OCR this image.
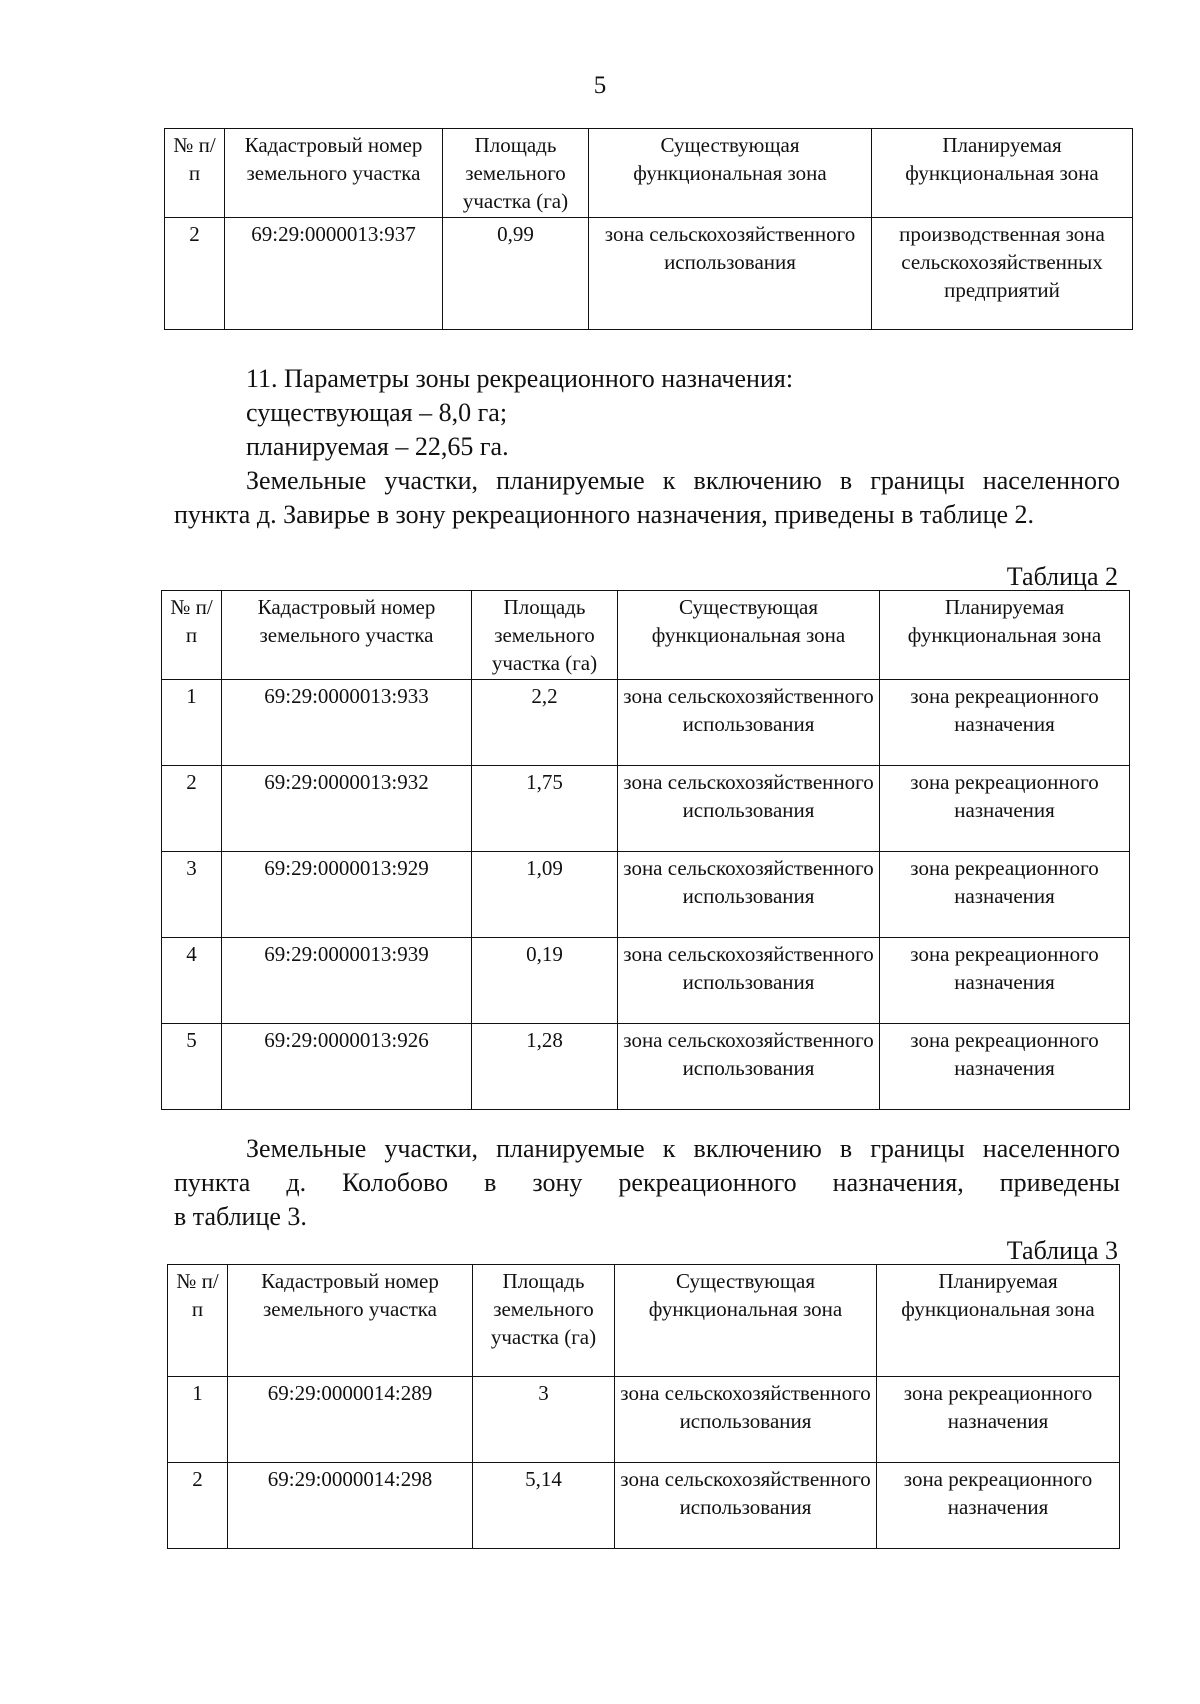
5
№ п/п	Кадастровый номер земельного участка	Площадь земельного участка (га)	Существующая функциональная зона	Планируемая функциональная зона
2	69:29:0000013:937	0,99	зона сельскохозяйственного использования	производственная зона сельскохозяйственных предприятий
11. Параметры зоны рекреационного назначения:
существующая – 8,0 га;
планируемая – 22,65 га.
Земельные участки, планируемые к включению в границы населенного
пункта д. Завирье в зону рекреационного назначения, приведены в таблице 2.
Таблица 2
№ п/п	Кадастровый номер земельного участка	Площадь земельного участка (га)	Существующая функциональная зона	Планируемая функциональная зона
1	69:29:0000013:933	2,2	зона сельскохозяйственного использования	зона рекреационного назначения
2	69:29:0000013:932	1,75	зона сельскохозяйственного использования	зона рекреационного назначения
3	69:29:0000013:929	1,09	зона сельскохозяйственного использования	зона рекреационного назначения
4	69:29:0000013:939	0,19	зона сельскохозяйственного использования	зона рекреационного назначения
5	69:29:0000013:926	1,28	зона сельскохозяйственного использования	зона рекреационного назначения
Земельные участки, планируемые к включению в границы населенного
пункта д. Колобово в зону рекреационного назначения, приведены
в таблице 3.
Таблица 3
№ п/п	Кадастровый номер земельного участка	Площадь земельного участка (га)	Существующая функциональная зона	Планируемая функциональная зона
1	69:29:0000014:289	3	зона сельскохозяйственного использования	зона рекреационного назначения
2	69:29:0000014:298	5,14	зона сельскохозяйственного использования	зона рекреационного назначения
